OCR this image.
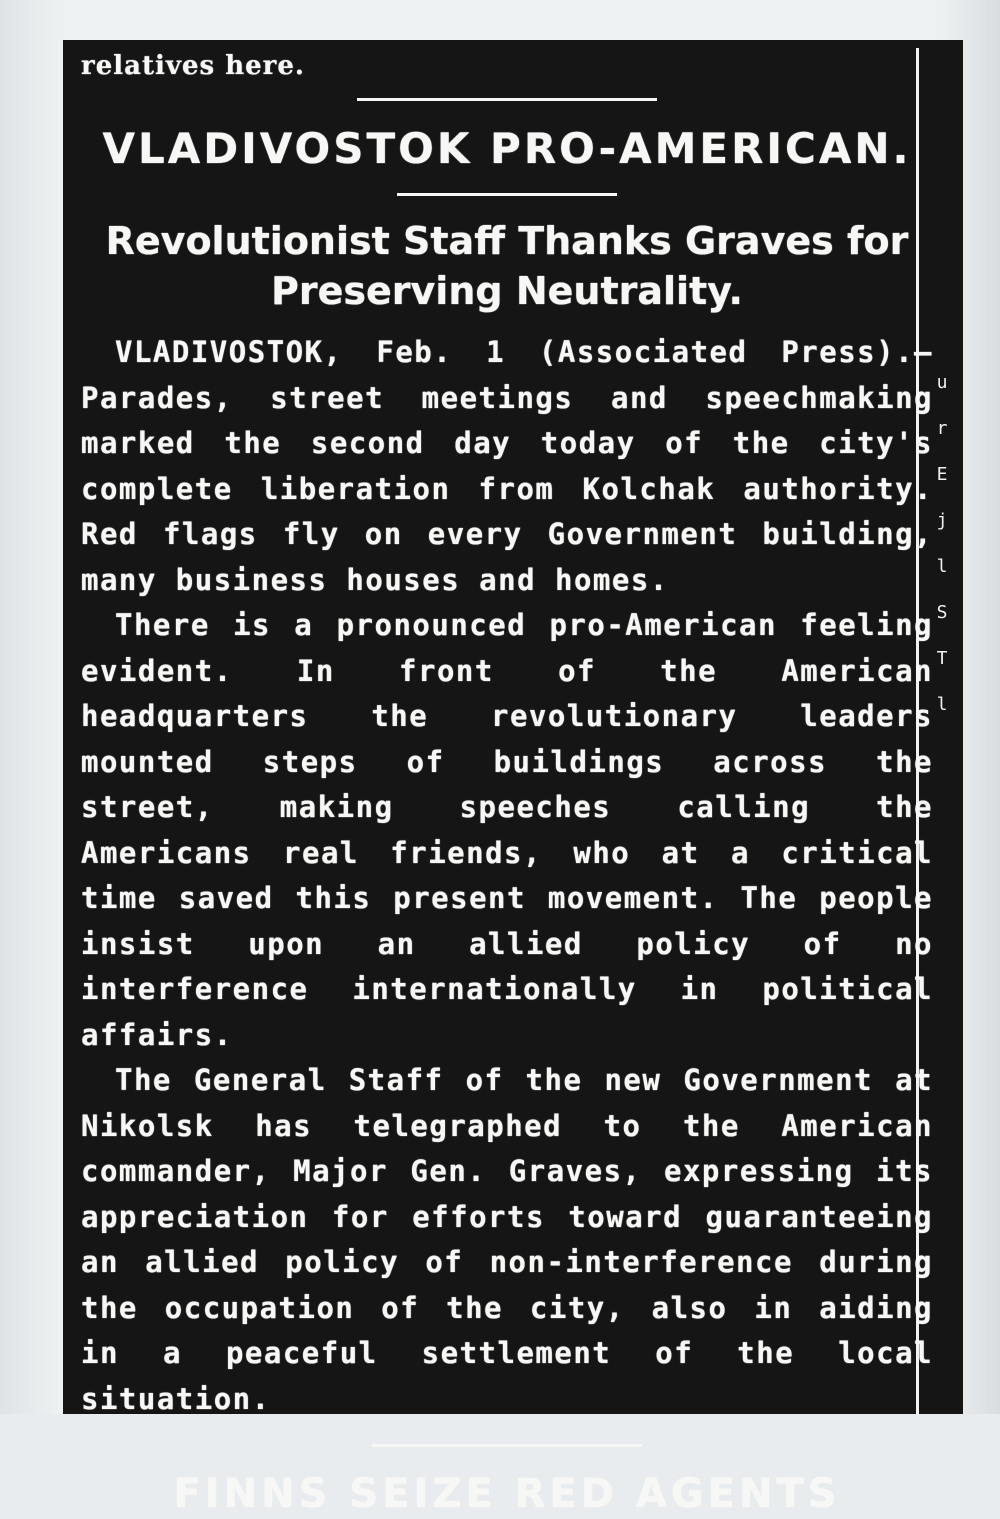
u
r
E
j
l
S
T
l

relatives here.

VLADIVOSTOK PRO-AMERICAN.
Revolutionist Staff Thanks Graves for Preserving Neutrality.

VLADIVOSTOK, Feb. 1 (Associated Press).—Parades, street meetings and speechmaking marked the second day today of the city's complete liberation from Kolchak authority. Red flags fly on every Government building, many business houses and homes.

There is a pronounced pro-American feeling evident. In front of the American headquarters the revolutionary leaders mounted steps of buildings across the street, making speeches calling the Americans real friends, who at a critical time saved this present movement. The people insist upon an allied policy of no interference internationally in political affairs.

The General Staff of the new Government at Nikolsk has telegraphed to the American commander, Major Gen. Graves, expressing its appreciation for efforts toward guaranteeing an allied policy of non-interference during the occupation of the city, also in aiding in a peaceful settlement of the local situation.

FINNS SEIZE RED AGENTS
